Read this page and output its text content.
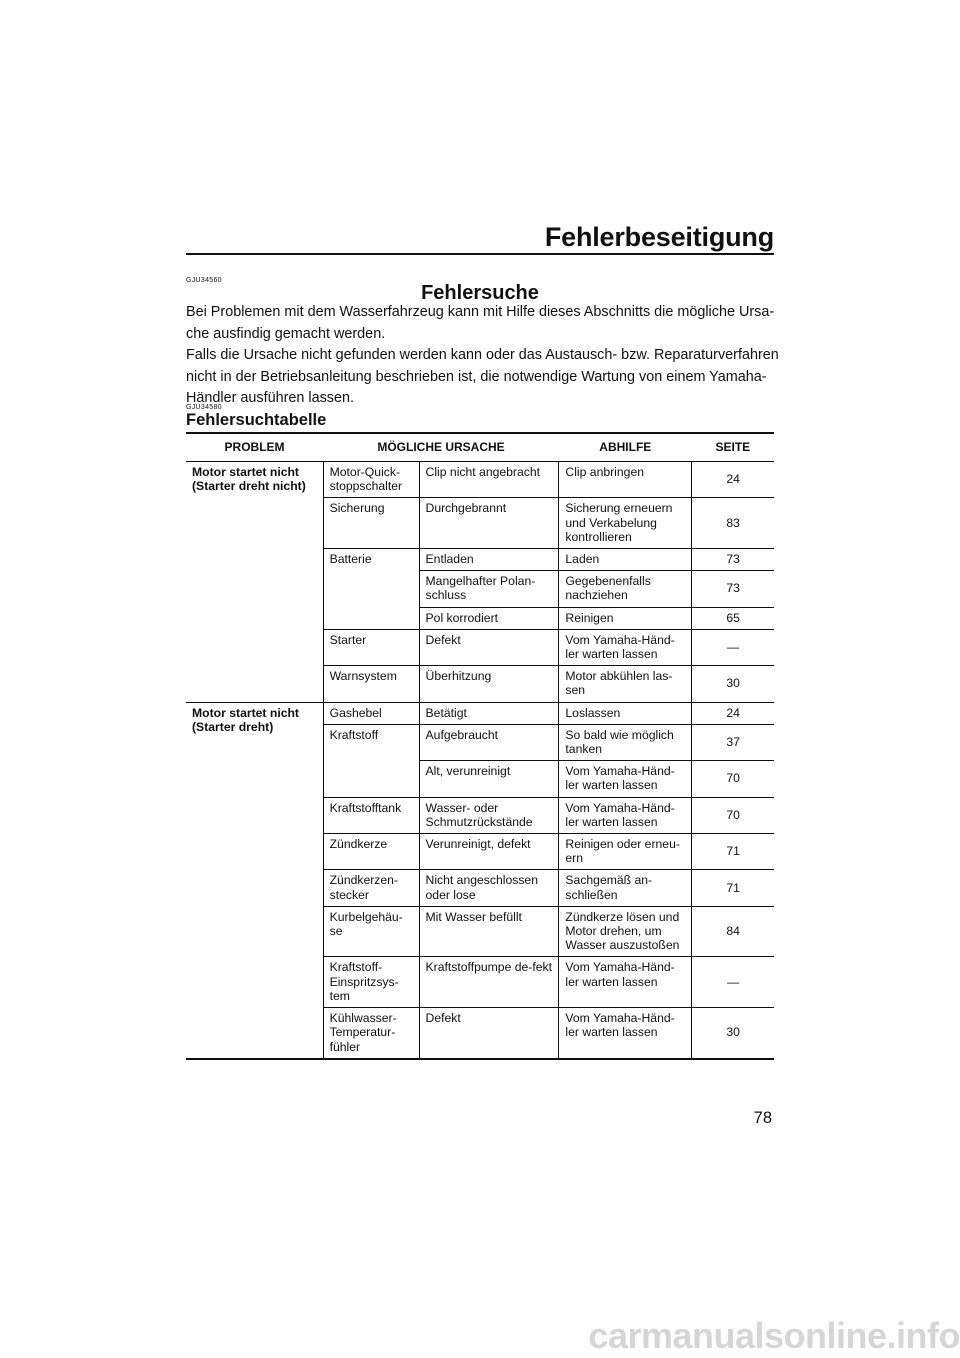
Fehlerbeseitigung
GJU34560
Fehlersuche
Bei Problemen mit dem Wasserfahrzeug kann mit Hilfe dieses Abschnitts die mögliche Ursa-che ausfindig gemacht werden.
Falls die Ursache nicht gefunden werden kann oder das Austausch- bzw. Reparaturverfahren nicht in der Betriebsanleitung beschrieben ist, die notwendige Wartung von einem Yamaha-Händler ausführen lassen.
GJU34580
Fehlersuchtabelle
PROBLEM	MÖGLICHE URSACHE		ABHILFE	SEITE
Motor startet nicht (Starter dreht nicht)	Motor-Quick-stoppschalter	Clip nicht angebracht	Clip anbringen	24
	Sicherung	Durchgebrannt	Sicherung erneuern und Verkabelung kontrollieren	83
	Batterie	Entladen	Laden	73
		Mangelhafter Polan-schluss	Gegebenenfalls nachziehen	73
		Pol korrodiert	Reinigen	65
	Starter	Defekt	Vom Yamaha-Händ-ler warten lassen	—
	Warnsystem	Überhitzung	Motor abkühlen las-sen	30
Motor startet nicht (Starter dreht)	Gashebel	Betätigt	Loslassen	24
	Kraftstoff	Aufgebraucht	So bald wie möglich tanken	37
		Alt, verunreinigt	Vom Yamaha-Händ-ler warten lassen	70
	Kraftstofftank	Wasser- oder Schmutzrückstände	Vom Yamaha-Händ-ler warten lassen	70
	Zündkerze	Verunreinigt, defekt	Reinigen oder erneu-ern	71
	Zündkerzen-stecker	Nicht angeschlossen oder lose	Sachgemäß an-schließen	71
	Kurbelgehäu-se	Mit Wasser befüllt	Zündkerze lösen und Motor drehen, um Wasser auszustoßen	84
	Kraftstoff-Einspritzsys-tem	Kraftstoffpumpe de-fekt	Vom Yamaha-Händ-ler warten lassen	—
	Kühlwasser-Temperatur-fühler	Defekt	Vom Yamaha-Händ-ler warten lassen	30
78
carmanualsonline.info
